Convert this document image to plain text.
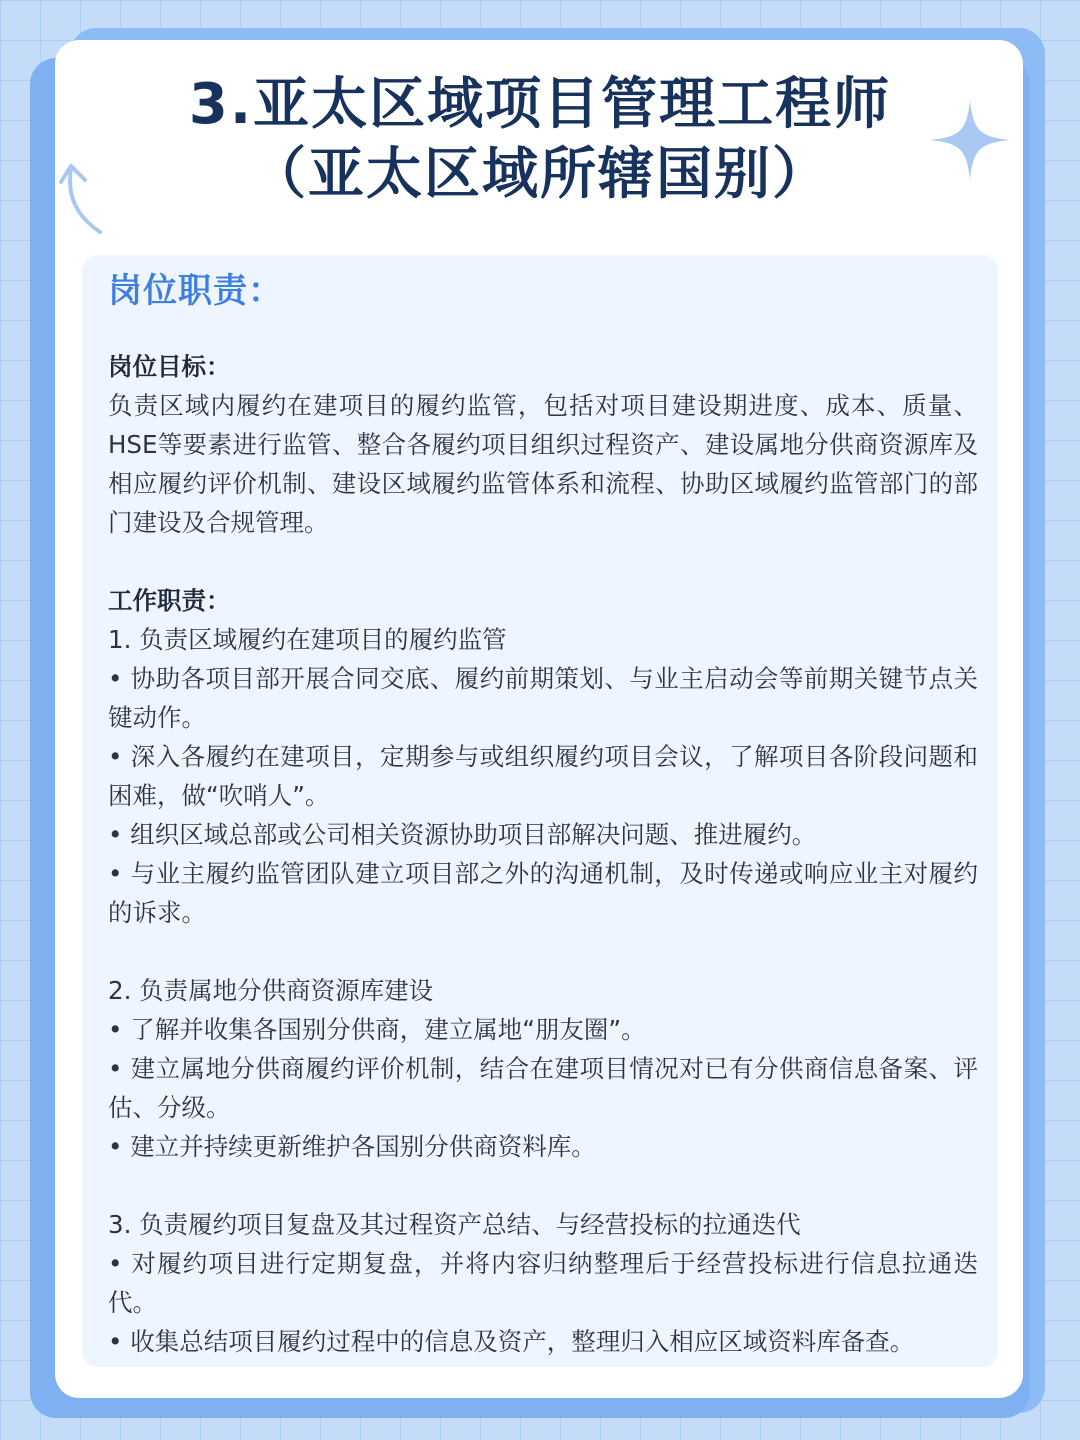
3.亚太区域项目管理工程师
（亚太区域所辖国别）
岗位职责：
岗位目标：
负责区域内履约在建项目的履约监管，包括对项目建设期进度、成本、质量、HSE等要素进行监管、整合各履约项目组织过程资产、建设属地分供商资源库及相应履约评价机制、建设区域履约监管体系和流程、协助区域履约监管部门的部门建设及合规管理。
工作职责：
1. 负责区域履约在建项目的履约监管
• 协助各项目部开展合同交底、履约前期策划、与业主启动会等前期关键节点关键动作。
• 深入各履约在建项目，定期参与或组织履约项目会议，了解项目各阶段问题和困难，做“吹哨人”。
• 组织区域总部或公司相关资源协助项目部解决问题、推进履约。
• 与业主履约监管团队建立项目部之外的沟通机制，及时传递或响应业主对履约的诉求。
2. 负责属地分供商资源库建设
• 了解并收集各国别分供商，建立属地“朋友圈”。
• 建立属地分供商履约评价机制，结合在建项目情况对已有分供商信息备案、评估、分级。
• 建立并持续更新维护各国别分供商资料库。
3. 负责履约项目复盘及其过程资产总结、与经营投标的拉通迭代
• 对履约项目进行定期复盘，并将内容归纳整理后于经营投标进行信息拉通迭代。
• 收集总结项目履约过程中的信息及资产，整理归入相应区域资料库备查。
